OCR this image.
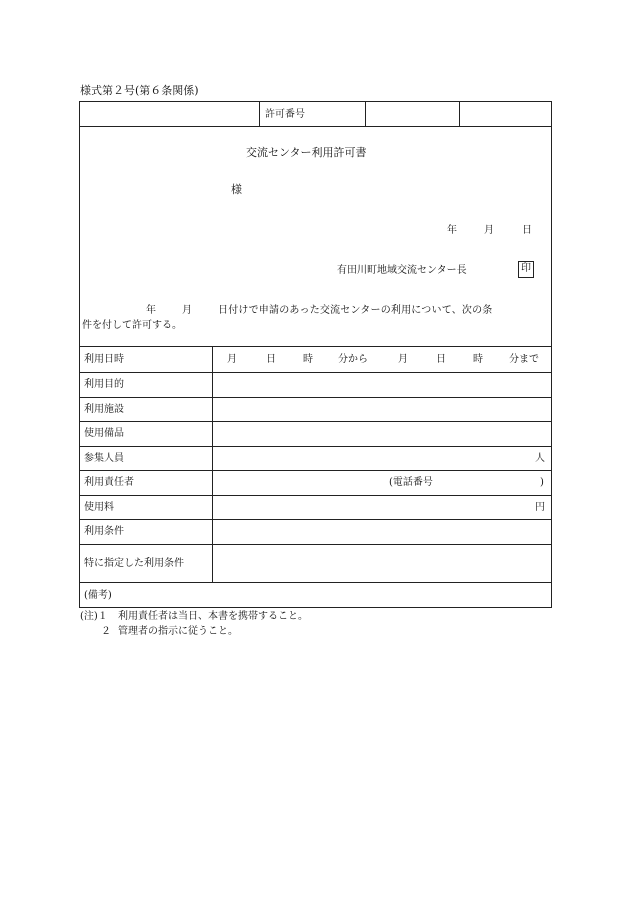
様式第２号(第６条関係)
許可番号
交流センター利用許可書
様
年	月	日
有田川町地域交流センター長	印
年	月	日付けで申請のあった交流センターの利用について、次の条
件を付して許可する。
利用日時	月	日	時	分から	月	日	時	分まで
利用目的
利用施設
使用備品
参集人員	人
利用責任者	(電話番号	)
使用料	円
利用条件
特に指定した利用条件
(備考)
(注)１ 利用責任者は当日、本書を携帯すること。
２ 管理者の指示に従うこと。
